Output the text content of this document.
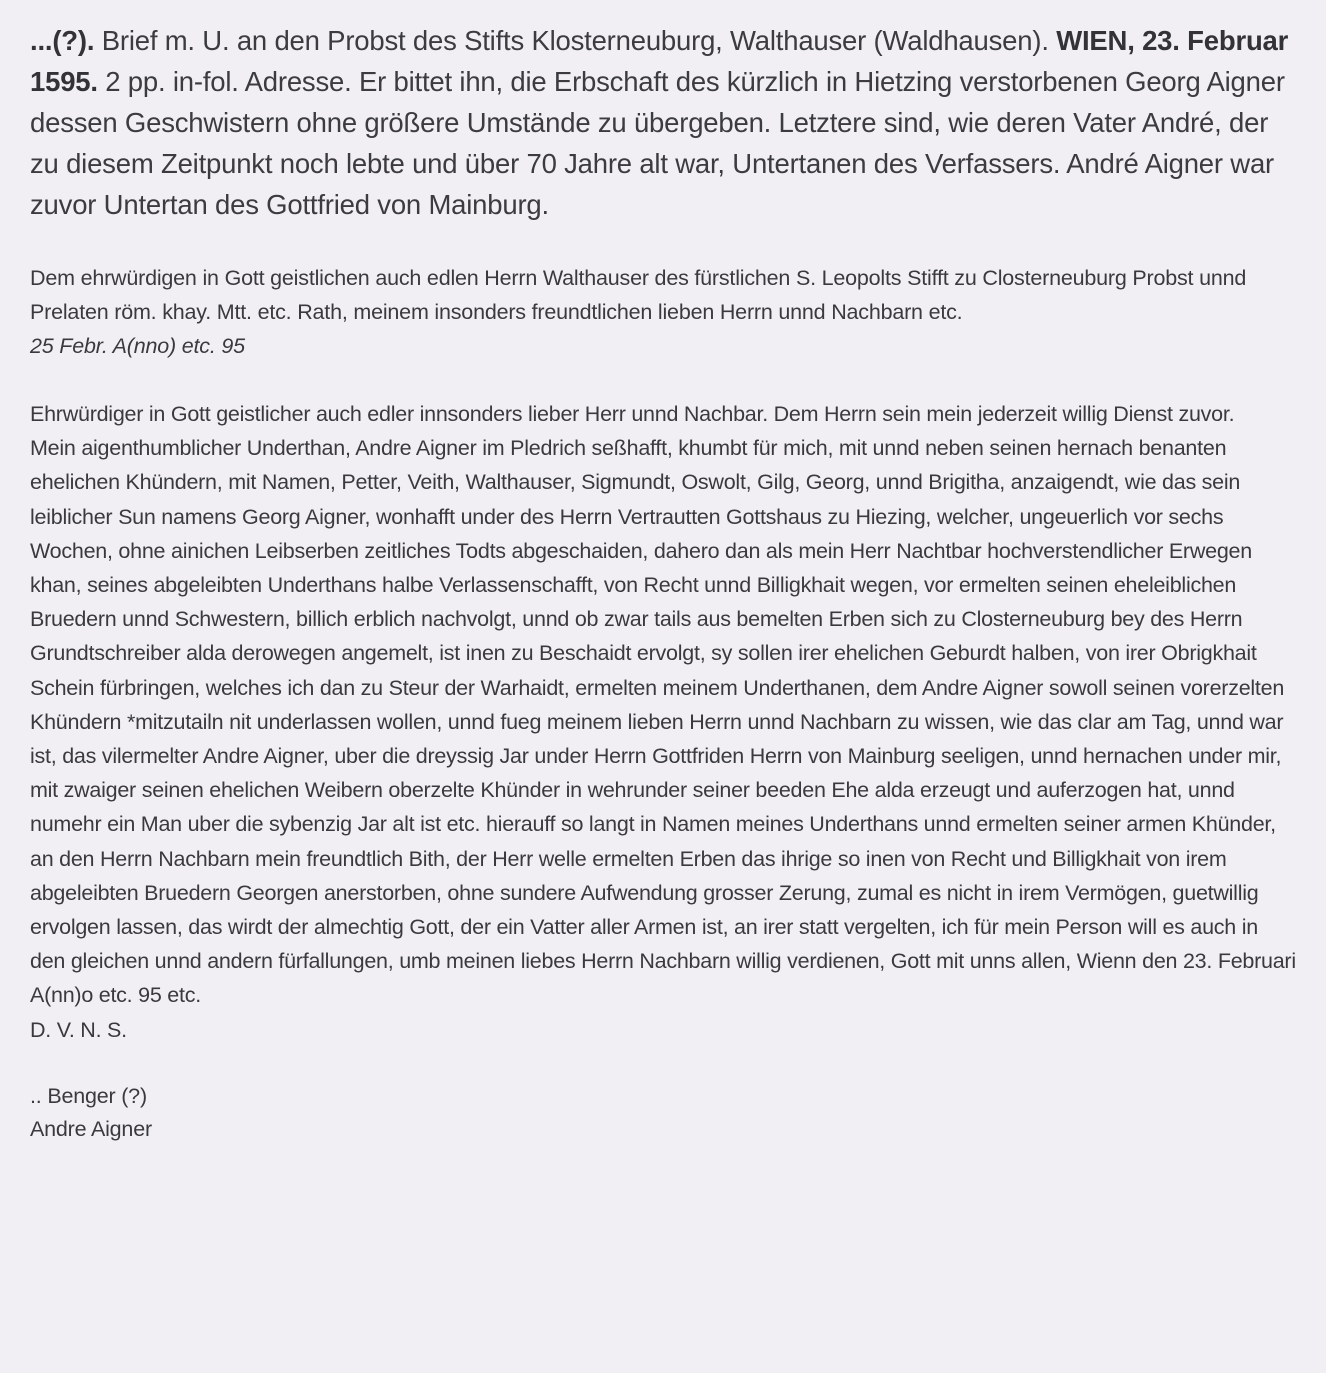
...(?). Brief m. U. an den Probst des Stifts Klosterneuburg, Walthauser (Waldhausen). WIEN, 23. Februar 1595. 2 pp. in-fol. Adresse. Er bittet ihn, die Erbschaft des kürzlich in Hietzing verstorbenen Georg Aigner dessen Geschwistern ohne größere Umstände zu übergeben. Letztere sind, wie deren Vater André, der zu diesem Zeitpunkt noch lebte und über 70 Jahre alt war, Untertanen des Verfassers. André Aigner war zuvor Untertan des Gottfried von Mainburg.

Dem ehrwürdigen in Gott geistlichen auch edlen Herrn Walthauser des fürstlichen S. Leopolts Stifft zu Closterneuburg Probst unnd Prelaten röm. khay. Mtt. etc. Rath, meinem insonders freundtlichen lieben Herrn unnd Nachbarn etc.
25 Febr. A(nno) etc. 95

Ehrwürdiger in Gott geistlicher auch edler innsonders lieber Herr unnd Nachbar. Dem Herrn sein mein jederzeit willig Dienst zuvor.

Mein aigenthumblicher Underthan, Andre Aigner im Pledrich seßhafft, khumbt für mich, mit unnd neben seinen hernach benanten ehelichen Khündern, mit Namen, Petter, Veith, Walthauser, Sigmundt, Oswolt, Gilg, Georg, unnd Brigitha, anzaigendt, wie das sein leiblicher Sun namens Georg Aigner, wonhafft under des Herrn Vertrautten Gottshaus zu Hiezing, welcher, ungeuerlich vor sechs Wochen, ohne ainichen Leibserben zeitliches Todts abgeschaiden, dahero dan als mein Herr Nachtbar hochverstendlicher Erwegen khan, seines abgeleibten Underthans halbe Verlassenschafft, von Recht unnd Billigkhait wegen, vor ermelten seinen eheleiblichen Bruedern unnd Schwestern, billich erblich nachvolgt, unnd ob zwar tails aus bemelten Erben sich zu Closterneuburg bey des Herrn Grundtschreiber alda derowegen angemelt, ist inen zu Beschaidt ervolgt, sy sollen irer ehelichen Geburdt halben, von irer Obrigkhait Schein fürbringen, welches ich dan zu Steur der Warhaidt, ermelten meinem Underthanen, dem Andre Aigner sowoll seinen vorerzelten Khündern *mitzutailn nit underlassen wollen, unnd fueg meinem lieben Herrn unnd Nachbarn zu wissen, wie das clar am Tag, unnd war ist, das vilermelter Andre Aigner, uber die dreyssig Jar under Herrn Gottfriden Herrn von Mainburg seeligen, unnd hernachen under mir, mit zwaiger seinen ehelichen Weibern oberzelte Khünder in wehrunder seiner beeden Ehe alda erzeugt und auferzogen hat, unnd numehr ein Man uber die sybenzig Jar alt ist etc. hierauff so langt in Namen meines Underthans unnd ermelten seiner armen Khünder, an den Herrn Nachbarn mein freundtlich Bith, der Herr welle ermelten Erben das ihrige so inen von Recht und Billigkhait von irem abgeleibten Bruedern Georgen anerstorben, ohne sundere Aufwendung grosser Zerung, zumal es nicht in irem Vermögen, guetwillig ervolgen lassen, das wirdt der almechtig Gott, der ein Vatter aller Armen ist, an irer statt vergelten, ich für mein Person will es auch in den gleichen unnd andern fürfallungen, umb meinen liebes Herrn Nachbarn willig verdienen, Gott mit unns allen, Wienn den 23. Februari A(nn)o etc. 95 etc.

D. V. N. S.
.. Benger (?)
Andre Aigner
